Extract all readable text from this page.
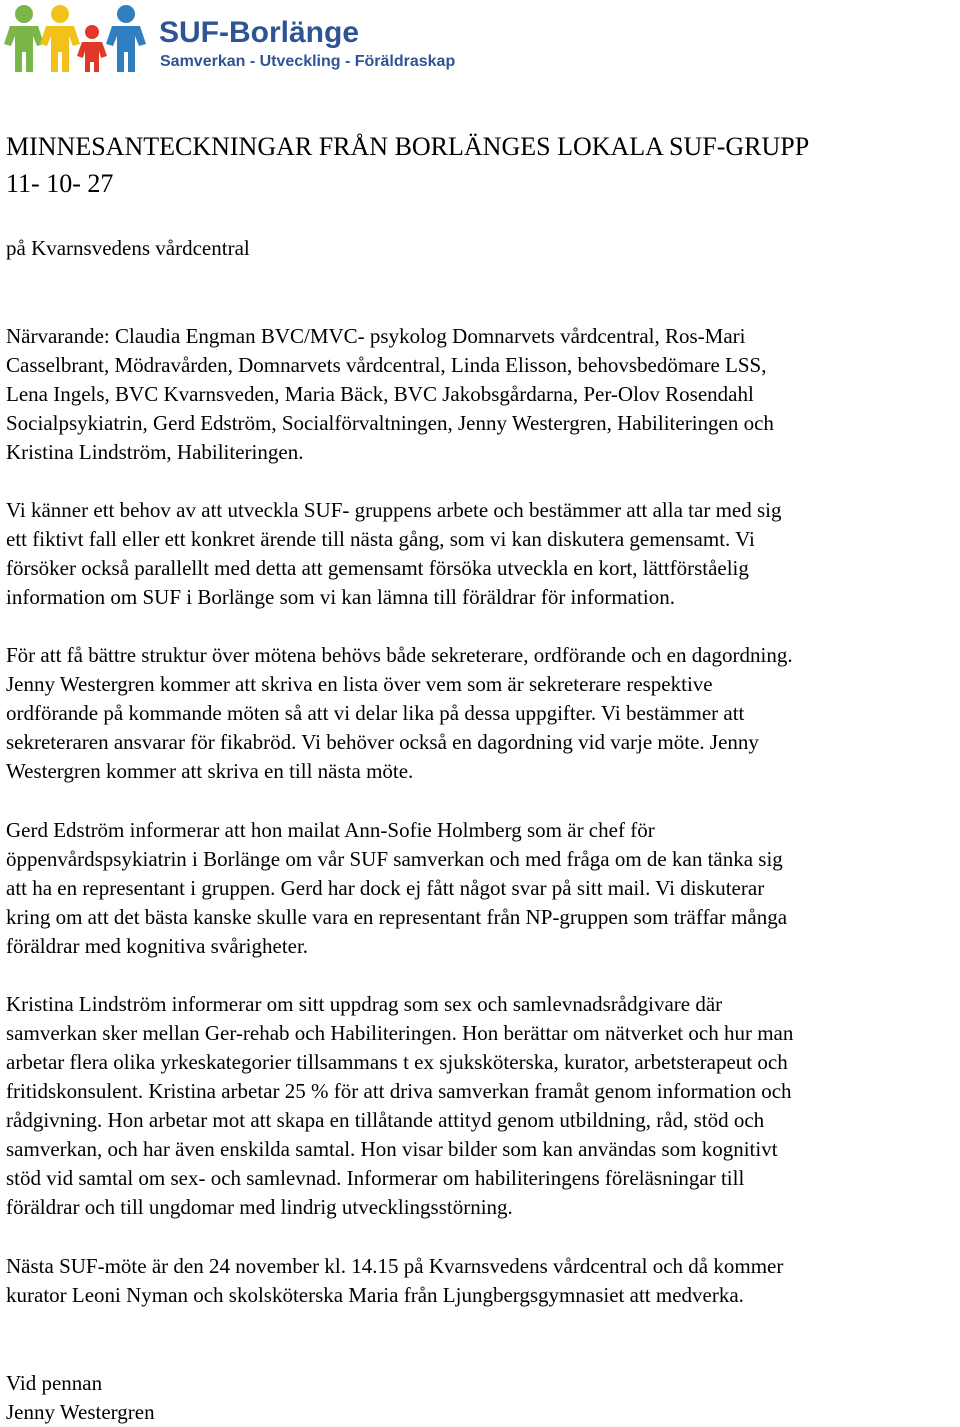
SUF-Borlänge
Samverkan - Utveckling - Föräldraskap
MINNESANTECKNINGAR FRÅN BORLÄNGES LOKALA SUF-GRUPP
11- 10- 27

på Kvarnsvedens vårdcentral

Närvarande: Claudia Engman BVC/MVC- psykolog Domnarvets vårdcentral, Ros-Mari
Casselbrant, Mödravården, Domnarvets vårdcentral, Linda Elisson, behovsbedömare LSS,
Lena Ingels, BVC Kvarnsveden, Maria Bäck, BVC Jakobsgårdarna, Per-Olov Rosendahl
Socialpsykiatrin, Gerd Edström, Socialförvaltningen, Jenny Westergren, Habiliteringen och
Kristina Lindström, Habiliteringen.

Vi känner ett behov av att utveckla SUF- gruppens arbete och bestämmer att alla tar med sig
ett fiktivt fall eller ett konkret ärende till nästa gång, som vi kan diskutera gemensamt. Vi
försöker också parallellt med detta att gemensamt försöka utveckla en kort, lättförståelig
information om SUF i Borlänge som vi kan lämna till föräldrar för information.

För att få bättre struktur över mötena behövs både sekreterare, ordförande och en dagordning.
Jenny Westergren kommer att skriva en lista över vem som är sekreterare respektive
ordförande på kommande möten så att vi delar lika på dessa uppgifter. Vi bestämmer att
sekreteraren ansvarar för fikabröd. Vi behöver också en dagordning vid varje möte. Jenny
Westergren kommer att skriva en till nästa möte.

Gerd Edström informerar att hon mailat Ann-Sofie Holmberg som är chef för
öppenvårdspsykiatrin i Borlänge om vår SUF samverkan och med fråga om de kan tänka sig
att ha en representant i gruppen. Gerd har dock ej fått något svar på sitt mail. Vi diskuterar
kring om att det bästa kanske skulle vara en representant från NP-gruppen som träffar många
föräldrar med kognitiva svårigheter.

Kristina Lindström informerar om sitt uppdrag som sex och samlevnadsrådgivare där
samverkan sker mellan Ger-rehab och Habiliteringen. Hon berättar om nätverket och hur man
arbetar flera olika yrkeskategorier tillsammans t ex sjuksköterska, kurator, arbetsterapeut och
fritidskonsulent. Kristina arbetar 25 % för att driva samverkan framåt genom information och
rådgivning. Hon arbetar mot att skapa en tillåtande attityd genom utbildning, råd, stöd och
samverkan, och har även enskilda samtal. Hon visar bilder som kan användas som kognitivt
stöd vid samtal om sex- och samlevnad. Informerar om habiliteringens föreläsningar till
föräldrar och till ungdomar med lindrig utvecklingsstörning.

Nästa SUF-möte är den 24 november kl. 14.15 på Kvarnsvedens vårdcentral och då kommer
kurator Leoni Nyman och skolsköterska Maria från Ljungbergsgymnasiet att medverka.

Vid pennan
Jenny Westergren
